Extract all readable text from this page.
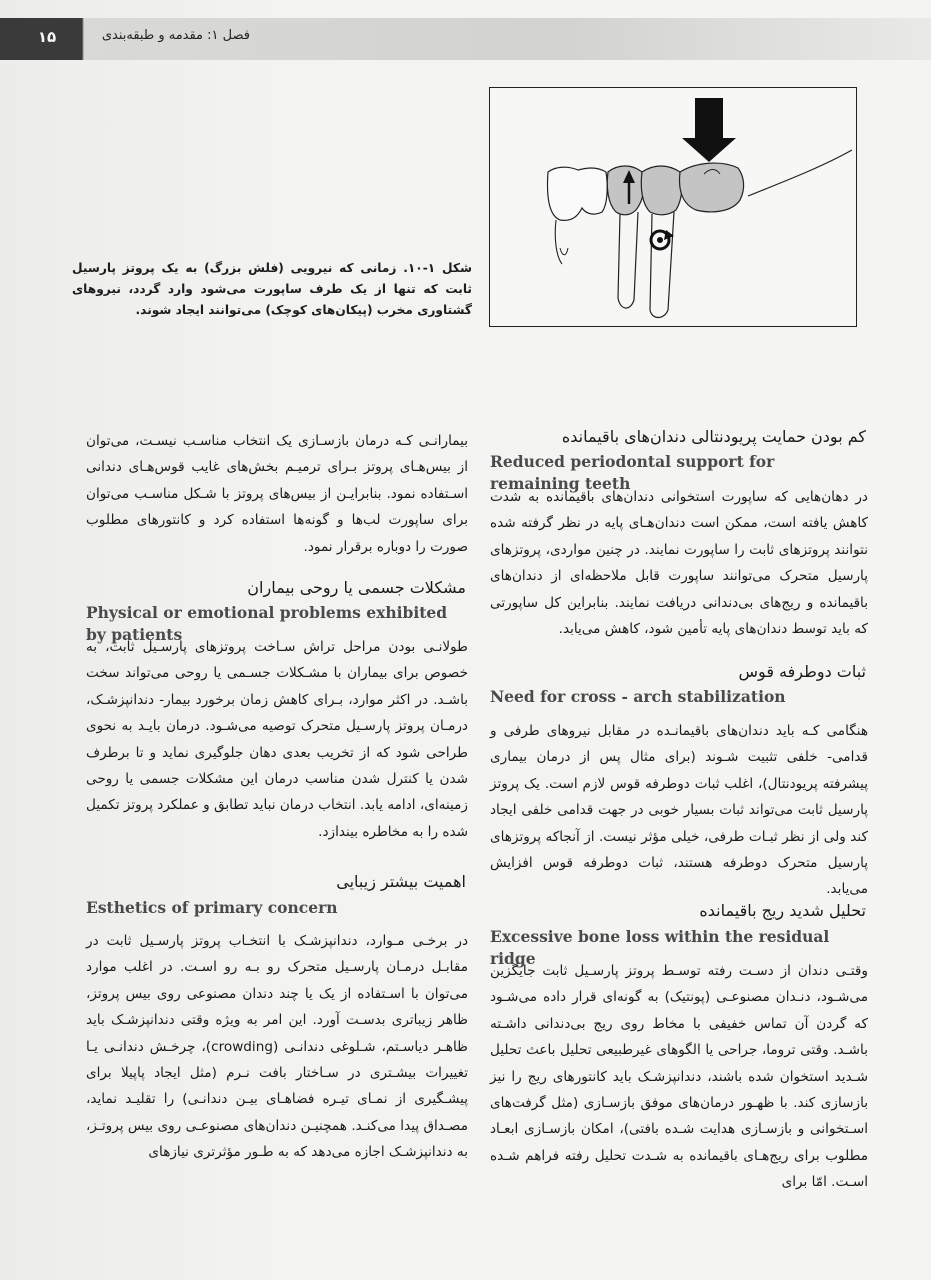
۱۵	فصل ۱: مقدمه و طبقه‌بندی
شکل ۱-۱۰. زمانی که نیرویی (فلش بزرگ) به یک پروتز پارسیل ثابت که تنها از یک طرف ساپورت می‌شود وارد گردد، نیروهای گشتاوری مخرب (پیکان‌های کوچک) می‌توانند ایجاد شوند.
کم بودن حمایت پریودنتالی دندان‌های باقیمانده
Reduced periodontal support for remaining teeth

در دهان‌هایی که ساپورت استخوانی دندان‌های باقیمانده به شدت کاهش یافته است، ممکن است دندان‌هـای پایه در نظر گرفته شده نتوانند پروتزهای ثابت را ساپورت نمایند. در چنین مواردی، پروتزهای پارسیل متحرک می‌توانند ساپورت قابل ملاحظه‌ای از دندان‌های باقیمانده و ریج‌های بی‌دندانی دریافت نمایند. بنابراین کل ساپورتی که باید توسط دندان‌های پایه تأمین شود، کاهش می‌یابد.

ثبات دوطرفه قوس
Need for cross - arch stabilization

هنگامی کـه باید دندان‌های باقیمانـده در مقابل نیروهای طرفی و قدامی- خلفی تثبیت شـوند (برای مثال پس از درمان بیماری پیشرفته پریودنتال)، اغلب ثبات دوطرفه قوس لازم است. یک پروتز پارسیل ثابت می‌تواند ثبات بسیار خوبی در جهت قدامی خلفی ایجاد کند ولی از نظر ثبـات طرفی، خیلی مؤثر نیست. از آنجاکه پروتزهای پارسیل متحرک دوطرفه هستند، ثبات دوطرفه قوس افزایش می‌یابد.

تحلیل شدید ریج باقیمانده
Excessive bone loss within the residual ridge

وقتـی دندان از دسـت رفته توسـط پروتز پارسـیل ثابت جایگزین می‌شـود، دنـدان مصنوعـی (پونتیک) به گونه‌ای قرار داده می‌شـود که گردن آن تماس خفیفی با مخاط روی ریج بی‌دندانی داشـته باشـد. وقتی تروما، جراحی یا الگوهای غیرطبیعی تحلیل باعث تحلیل شـدید استخوان شده باشند، دندانپزشـک باید کانتورهای ریج را نیز بازسازی کند. با ظهـور درمان‌های موفق بازسـازی (مثل گرفت‌های اسـتخوانی و بازسـازی هدایت شـده بافتی)، امکان بازسـازی ابعـاد مطلوب برای ریج‌هـای باقیمانده به شـدت تحلیل رفته فراهم شـده اسـت. امّا برای

بیمارانـی کـه درمان بازسـازی یک انتخاب مناسـب نیسـت، می‌توان از بیس‌هـای پروتز بـرای ترمیـم بخش‌های غایب قوس‌هـای دندانی اسـتفاده نمود. بنابرایـن از بیس‌های پروتز با شـکل مناسـب می‌توان برای ساپورت لب‌ها و گونه‌ها استفاده کرد و کانتورهای مطلوب صورت را دوباره برقرار نمود.

مشکلات جسمی یا روحی بیماران
Physical or emotional problems exhibited by patients

طولانـی بودن مراحل تراش سـاخت پروتزهای پارسـیل ثابت، به خصوص برای بیماران با مشـکلات جسـمی یا روحی می‌تواند سخت باشـد. در اکثر موارد، بـرای کاهش زمان برخورد بیمار- دندانپزشـک، درمـان پروتز پارسـیل متحرک توصیه می‌شـود. درمان بایـد به نحوی طراحی شود که از تخریب بعدی دهان جلوگیری نماید و تا برطرف شدن یا کنترل شدن مناسب درمان این مشکلات جسمی یا روحی زمینه‌ای، ادامه یابد. انتخاب درمان نباید تطابق و عملکرد پروتز تکمیل شده را به مخاطره بیندازد.

اهمیت بیشتر زیبایی
Esthetics of primary concern

در برخـی مـوارد، دندانپزشـک با انتخـاب پروتز پارسـیل ثابت در مقابـل درمـان پارسـیل متحرک رو بـه رو اسـت. در اغلب موارد می‌توان با اسـتفاده از یک یا چند دندان مصنوعی روی بیس پروتز، ظاهر زیباتری بدسـت آورد. این امر به ویژه وقتی دندانپزشـک باید ظاهـر دیاسـتم، شـلوغی دندانـی (crowding)، چرخـش دندانـی یـا تغییرات بیشـتری در سـاختار بافت نـرم (مثل ایجاد پاپیلا برای پیشـگیری از نمـای تیـره فضاهـای بیـن دندانـی) را تقلیـد نماید، مصـداق پیدا می‌کنـد. همچنیـن دندان‌های مصنوعـی روی بیس پروتـز، به دندانپزشـک اجازه می‌دهد که به طـور مؤثرتری نیازهای
